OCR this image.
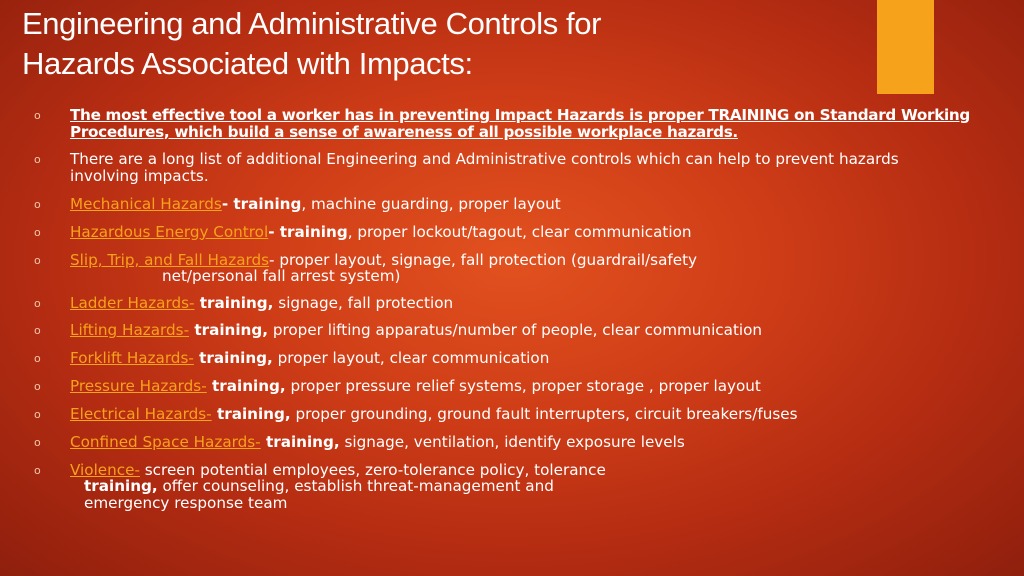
Engineering and Administrative Controls for
Hazards Associated with Impacts:
o The most effective tool a worker has in preventing Impact Hazards is proper TRAINING on Standard Working Procedures, which build a sense of awareness of all possible workplace hazards.
o There are a long list of additional Engineering and Administrative controls which can help to prevent hazards
involving impacts.
o Mechanical Hazards- training, machine guarding, proper layout
o Hazardous Energy Control- training, proper lockout/tagout, clear communication
o Slip, Trip, and Fall Hazards- proper layout, signage, fall protection (guardrail/safety
net/personal fall arrest system)
o Ladder Hazards- training, signage, fall protection
o Lifting Hazards- training, proper lifting apparatus/number of people, clear communication
o Forklift Hazards- training, proper layout, clear communication
o Pressure Hazards- training, proper pressure relief systems, proper storage , proper layout
o Electrical Hazards- training, proper grounding, ground fault interrupters, circuit breakers/fuses
o Confined Space Hazards- training, signage, ventilation, identify exposure levels
o Violence- screen potential employees, zero-tolerance policy, tolerance
training, offer counseling, establish threat-management and
emergency response team
